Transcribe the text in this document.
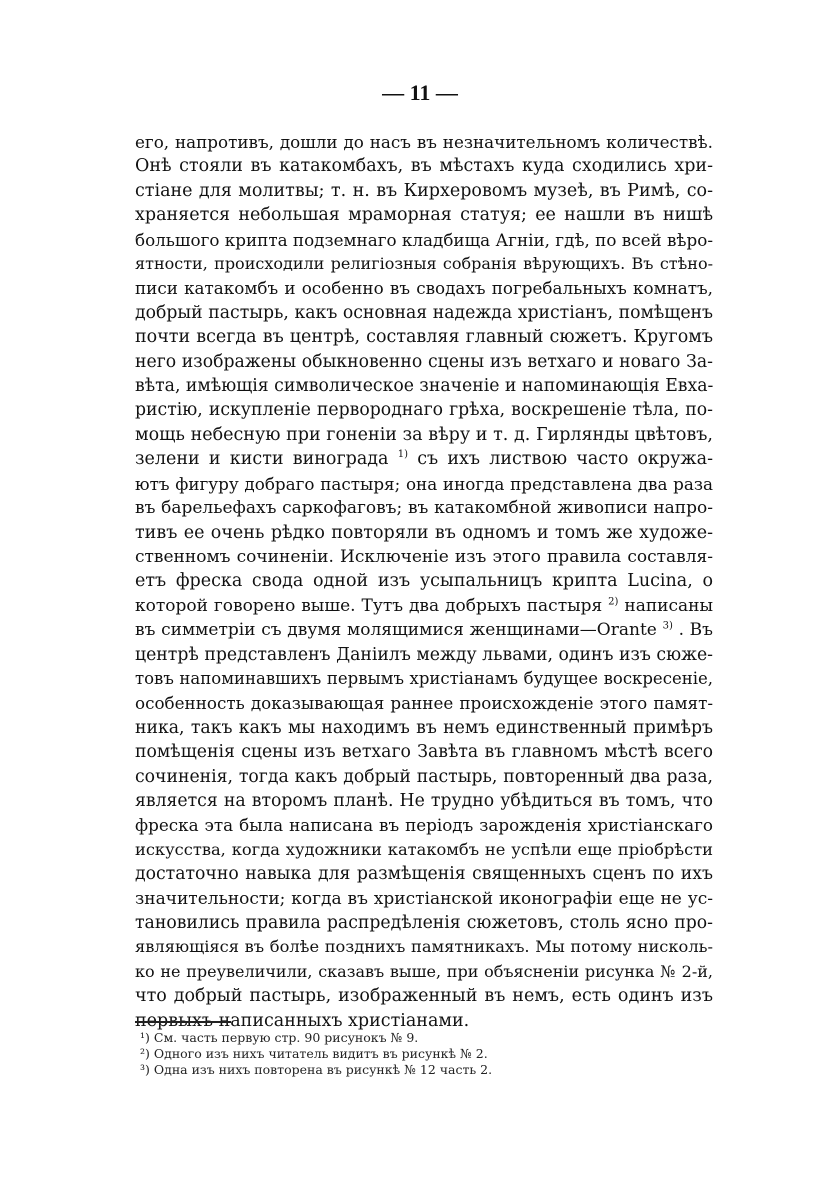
— 11 —
его, напротивъ, дошли до насъ въ незначительномъ количествѣ.
Онѣ стояли въ катакомбахъ, въ мѣстахъ куда сходились хри-
стіане для молитвы; т. н. въ Кирхеровомъ музеѣ, въ Римѣ, со-
храняется небольшая мраморная статуя; ее нашли въ нишѣ
большого крипта подземнаго кладбища Агніи, гдѣ, по всей вѣро-
ятности, происходили религіозныя собранія вѣрующихъ. Въ стѣно-
писи катакомбъ и особенно въ сводахъ погребальныхъ комнатъ,
добрый пастырь, какъ основная надежда христіанъ, помѣщенъ
почти всегда въ центрѣ, составляя главный сюжетъ. Кругомъ
него изображены обыкновенно сцены изъ ветхаго и новаго За-
вѣта, имѣющія символическое значеніе и напоминающія Евха-
ристію, искупленіе первороднаго грѣха, воскрешеніе тѣла, по-
мощь небесную при гоненіи за вѣру и т. д. Гирлянды цвѣтовъ,
зелени и кисти винограда $^{1)}$ съ ихъ листвою часто окружа-
ютъ фигуру добраго пастыря; она иногда представлена два раза
въ барельефахъ саркофаговъ; въ катакомбной живописи напро-
тивъ ее очень рѣдко повторяли въ одномъ и томъ же художе-
ственномъ сочиненіи. Исключеніе изъ этого правила составля-
етъ фреска свода одной изъ усыпальницъ крипта Lucina, о
которой говорено выше. Тутъ два добрыхъ пастыря $^{2)}$ написаны
въ симметріи съ двумя молящимися женщинами—Orante $^{3)}$ . Въ
центрѣ представленъ Даніилъ между львами, одинъ изъ сюже-
товъ напоминавшихъ первымъ христіанамъ будущее воскресеніе,
особенность доказывающая раннее происхожденіе этого памят-
ника, такъ какъ мы находимъ въ немъ единственный примѣръ
помѣщенія сцены изъ ветхаго Завѣта въ главномъ мѣстѣ всего
сочиненія, тогда какъ добрый пастырь, повторенный два раза,
является на второмъ планѣ. Не трудно убѣдиться въ томъ, что
фреска эта была написана въ періодъ зарожденія христіанскаго
искусства, когда художники катакомбъ не успѣли еще пріобрѣсти
достаточно навыка для размѣщенія священныхъ сценъ по ихъ
значительности; когда въ христіанской иконографіи еще не ус-
тановились правила распредѣленія сюжетовъ, столь ясно про-
являющіяся въ болѣе позднихъ памятникахъ. Мы потому нисколь-
ко не преувеличили, сказавъ выше, при объясненіи рисунка № 2-й,
что добрый пастырь, изображенный въ немъ, есть одинъ изъ
первыхъ написанныхъ христіанами.
¹) См. часть первую стр. 90 рисунокъ № 9.
²) Одного изъ нихъ читатель видитъ въ рисункѣ № 2.
³) Одна изъ нихъ повторена въ рисункѣ № 12 часть 2.
